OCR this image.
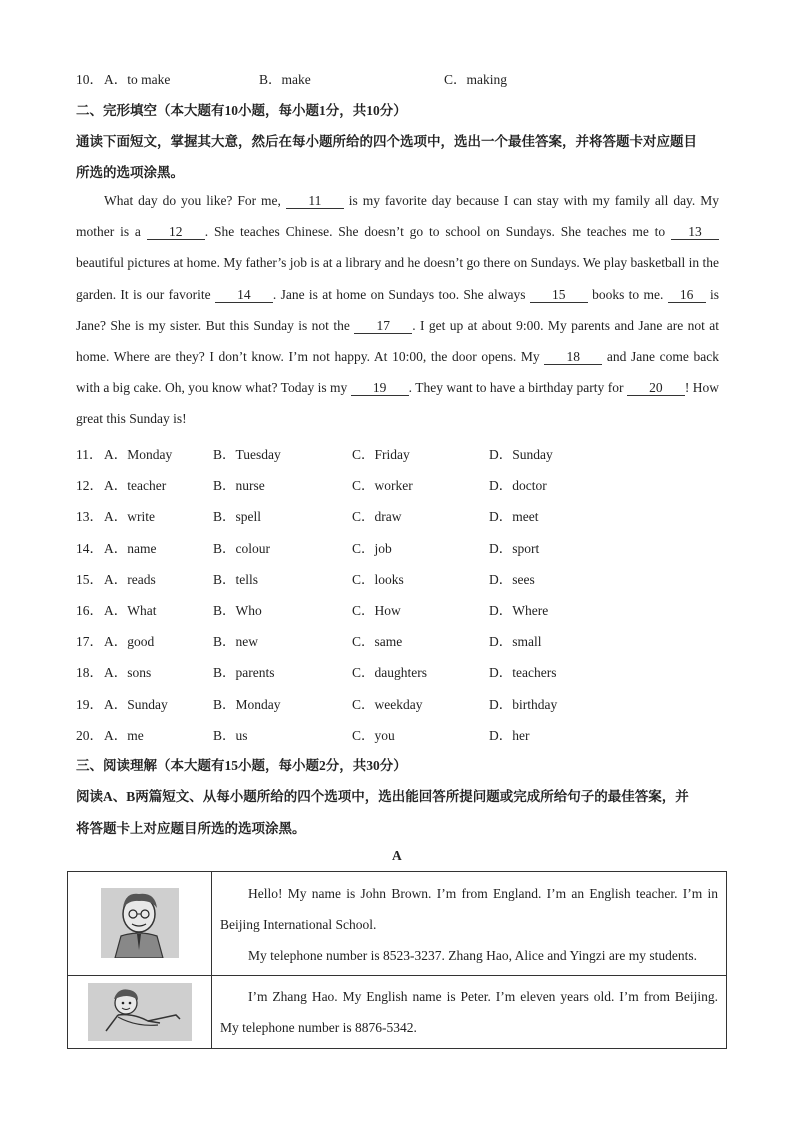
10． A．to make	B．make	C．making
二、完形填空（本大题有10小题，每小题1分，共10分）
通读下面短文，掌握其大意，然后在每小题所给的四个选项中，选出一个最佳答案，并将答题卡对应题目
所选的选项涂黑。
What day do you like? For me, 11 is my favorite day because I can stay with my family all day. My mother is a 12 . She teaches Chinese. She doesn’t go to school on Sundays. She teaches me to 13 beautiful pictures at home. My father’s job is at a library and he doesn’t go there on Sundays. We play basketball in the garden. It is our favorite 14 . Jane is at home on Sundays too. She always 15 books to me. 16 is Jane? She is my sister. But this Sunday is not the 17 . I get up at about 9:00. My parents and Jane are not at home. Where are they? I don’t know. I’m not happy. At 10:00, the door opens. My 18 and Jane come back with a big cake. Oh, you know what? Today is my 19 . They want to have a birthday party for 20 ! How great this Sunday is!
11． A．Monday	B．Tuesday	C．Friday	D．Sunday
12． A．teacher	B．nurse	C．worker	D．doctor
13． A．write	B．spell	C．draw	D．meet
14． A．name	B．colour	C．job	D．sport
15． A．reads	B．tells	C．looks	D．sees
16． A．What	B．Who	C．How	D．Where
17． A．good	B．new	C．same	D．small
18． A．sons	B．parents	C．daughters	D．teachers
19． A．Sunday	B．Monday	C．weekday	D．birthday
20． A．me	B．us	C．you	D．her
三、阅读理解（本大题有15小题，每小题2分，共30分）
阅读A、B两篇短文、从每小题所给的四个选项中，选出能回答所提问题或完成所给句子的最佳答案，并
将答题卡上对应题目所选的选项涂黑。
A

Hello! My name is John Brown. I’m from England. I’m an English teacher. I’m in Beijing International School.

My telephone number is 8523-3237. Zhang Hao, Alice and Yingzi are my students.

I’m Zhang Hao. My English name is Peter. I’m eleven years old. I’m from Beijing. My telephone number is 8876-5342.
